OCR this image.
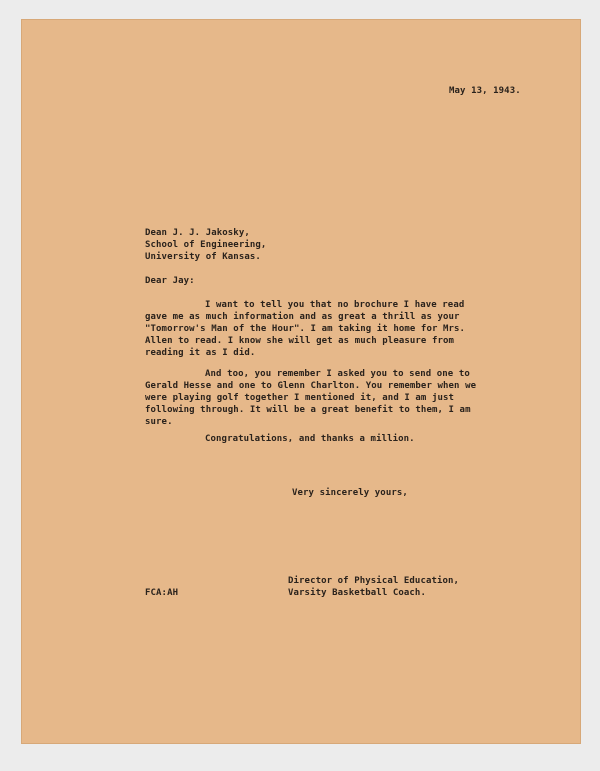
May 13, 1943.
Dean J. J. Jakosky,
School of Engineering,
University of Kansas.
Dear Jay:
I want to tell you that no brochure I have read
gave me as much information and as great a thrill as your
"Tomorrow's Man of the Hour". I am taking it home for Mrs.
Allen to read. I know she will get as much pleasure from
reading it as I did.
And too, you remember I asked you to send one to
Gerald Hesse and one to Glenn Charlton. You remember when we
were playing golf together I mentioned it, and I am just
following through. It will be a great benefit to them, I am
sure.
Congratulations, and thanks a million.
Very sincerely yours,
FCA:AH
Director of Physical Education,
Varsity Basketball Coach.
